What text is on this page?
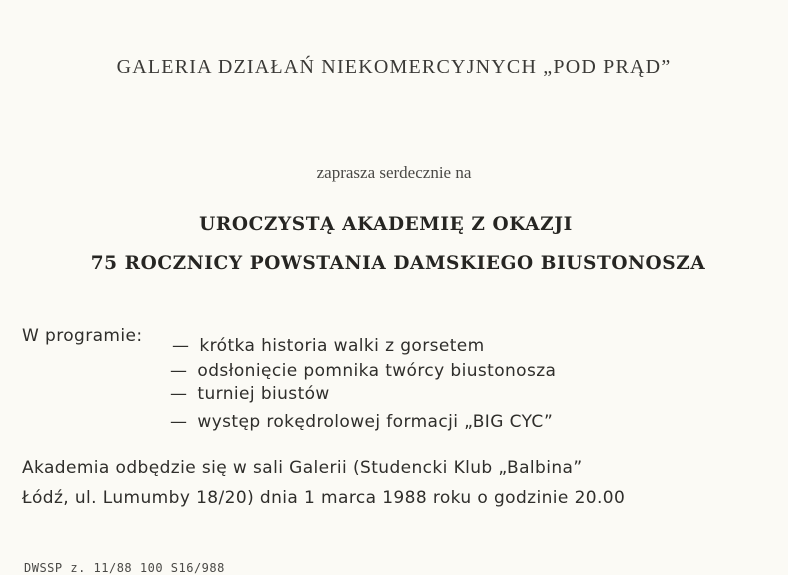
GALERIA DZIAŁAŃ NIEKOMERCYJNYCH „POD PRĄD”
zaprasza serdecznie na
UROCZYSTĄ AKADEMIĘ Z OKAZJI
75 ROCZNICY POWSTANIA DAMSKIEGO BIUSTONOSZA
W programie: — krótka historia walki z gorsetem
— odsłonięcie pomnika twórcy biustonosza
— turniej biustów
— występ rokędrolowej formacji „BIG CYC”
Akademia odbędzie się w sali Galerii (Studencki Klub „Balbina”
Łódź, ul. Lumumby 18/20) dnia 1 marca 1988 roku o godzinie 20.00
DWSSP z. 11/88 100 S16/988
